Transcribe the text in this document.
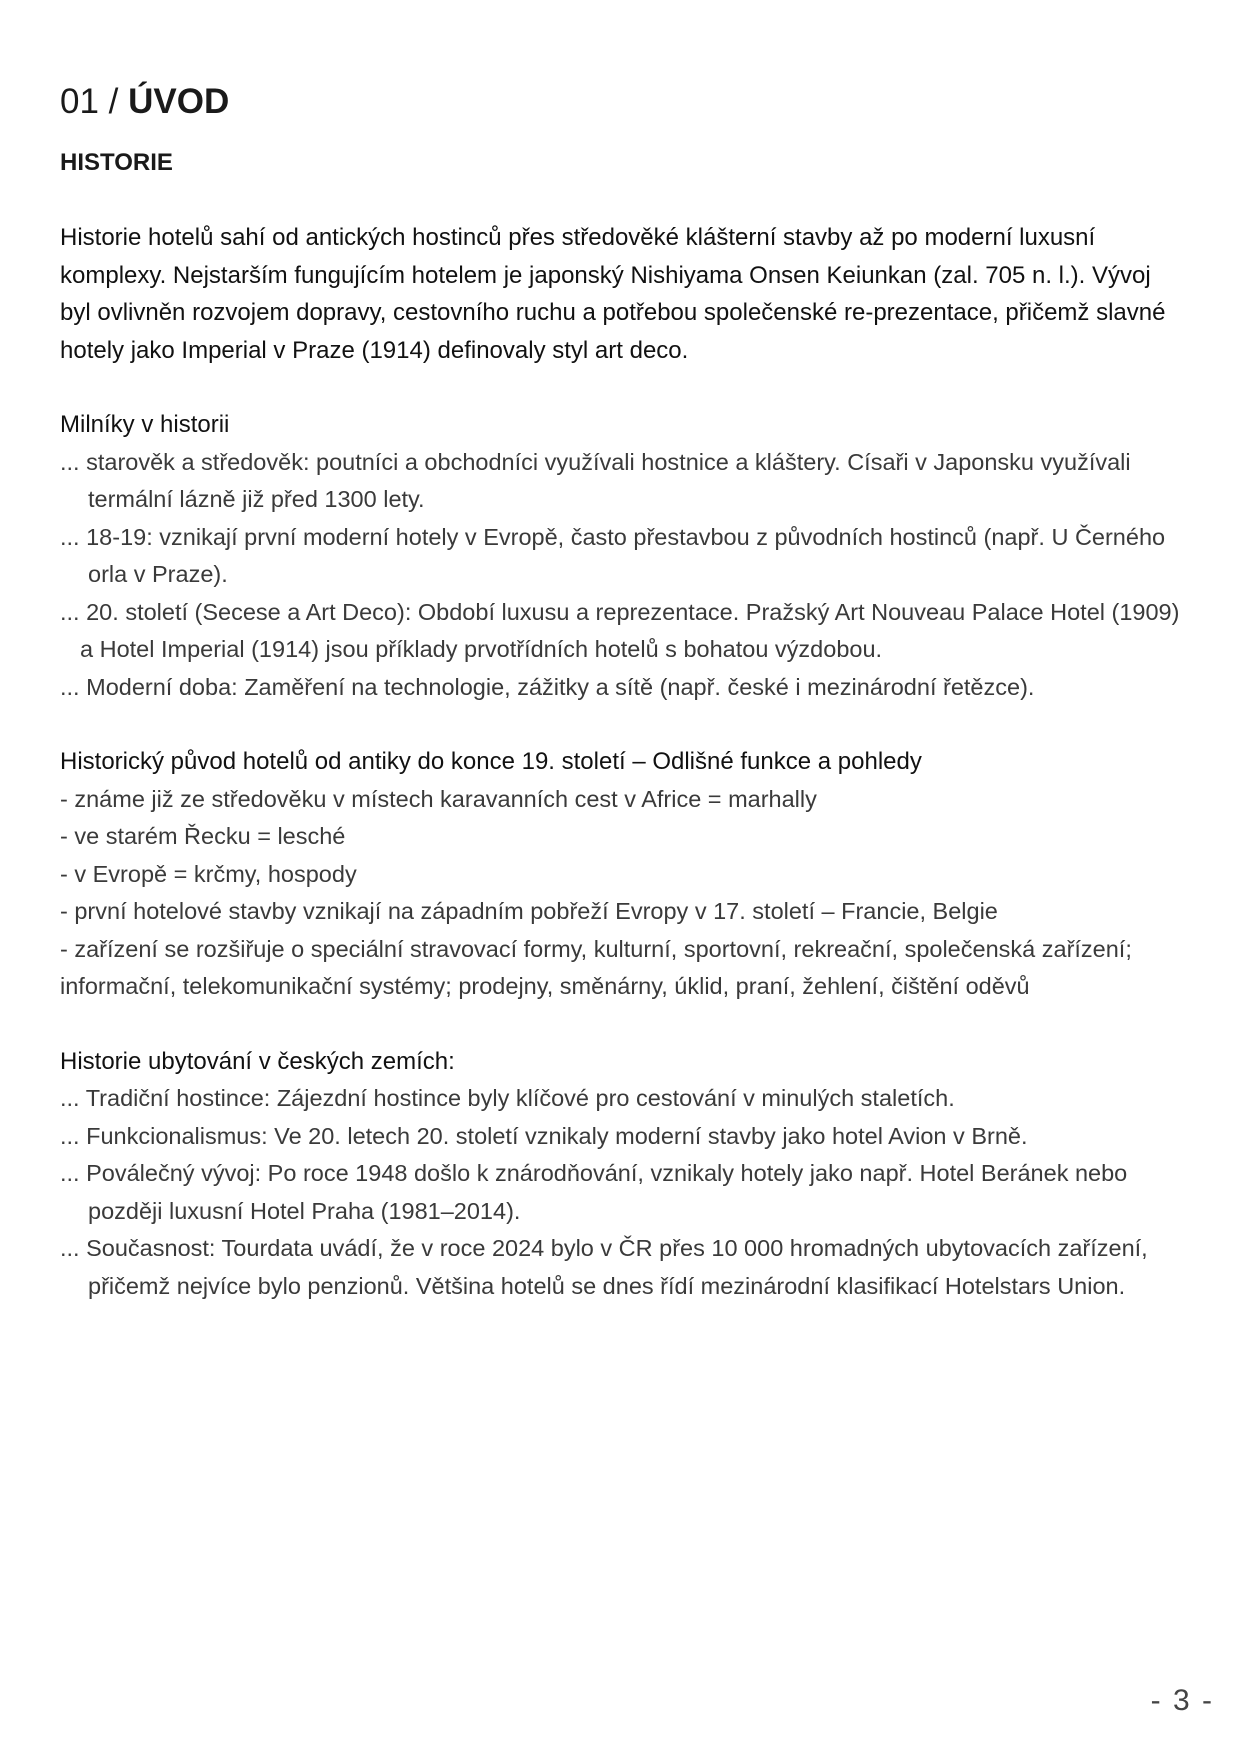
01 / ÚVOD
HISTORIE

Historie hotelů sahí od antických hostinců přes středověké klášterní stavby až po moderní luxusní komplexy. Nejstarším fungujícím hotelem je japonský Nishiyama Onsen Keiunkan (zal. 705 n. l.). Vývoj byl ovlivněn rozvojem dopravy, cestovního ruchu a potřebou společenské re-prezentace, přičemž slavné hotely jako Imperial v Praze (1914) definovaly styl art deco.

Milníky v historii

... starověk a středověk: poutníci a obchodníci využívali hostnice a kláštery. Císaři v Japonsku využívali termální lázně již před 1300 lety.
... 18-19: vznikají první moderní hotely v Evropě, často přestavbou z původních hostinců (např. U Černého orla v Praze).
... 20. století (Secese a Art Deco): Období luxusu a reprezentace. Pražský Art Nouveau Palace Hotel (1909) a Hotel Imperial (1914) jsou příklady prvotřídních hotelů s bohatou výzdobou.
... Moderní doba: Zaměření na technologie, zážitky a sítě (např. české i mezinárodní řetězce).

Historický původ hotelů od antiky do konce 19. století – Odlišné funkce a pohledy

- známe již ze středověku v místech karavanních cest v Africe = marhally
- ve starém Řecku = lesché
- v Evropě = krčmy, hospody
- první hotelové stavby vznikají na západním pobřeží Evropy v 17. století – Francie, Belgie
- zařízení se rozšiřuje o speciální stravovací formy, kulturní, sportovní, rekreační, společenská zařízení; informační, telekomunikační systémy; prodejny, směnárny, úklid, praní, žehlení, čištění oděvů

Historie ubytování v českých zemích:

... Tradiční hostince: Zájezdní hostince byly klíčové pro cestování v minulých staletích.
... Funkcionalismus: Ve 20. letech 20. století vznikaly moderní stavby jako hotel Avion v Brně.
... Poválečný vývoj: Po roce 1948 došlo k znárodňování, vznikaly hotely jako např. Hotel Beránek nebo později luxusní Hotel Praha (1981–2014).
... Současnost: Tourdata uvádí, že v roce 2024 bylo v ČR přes 10 000 hromadných ubytovacích zařízení, přičemž nejvíce bylo penzionů. Většina hotelů se dnes řídí mezinárodní klasifikací Hotelstars Union.
- 3 -
